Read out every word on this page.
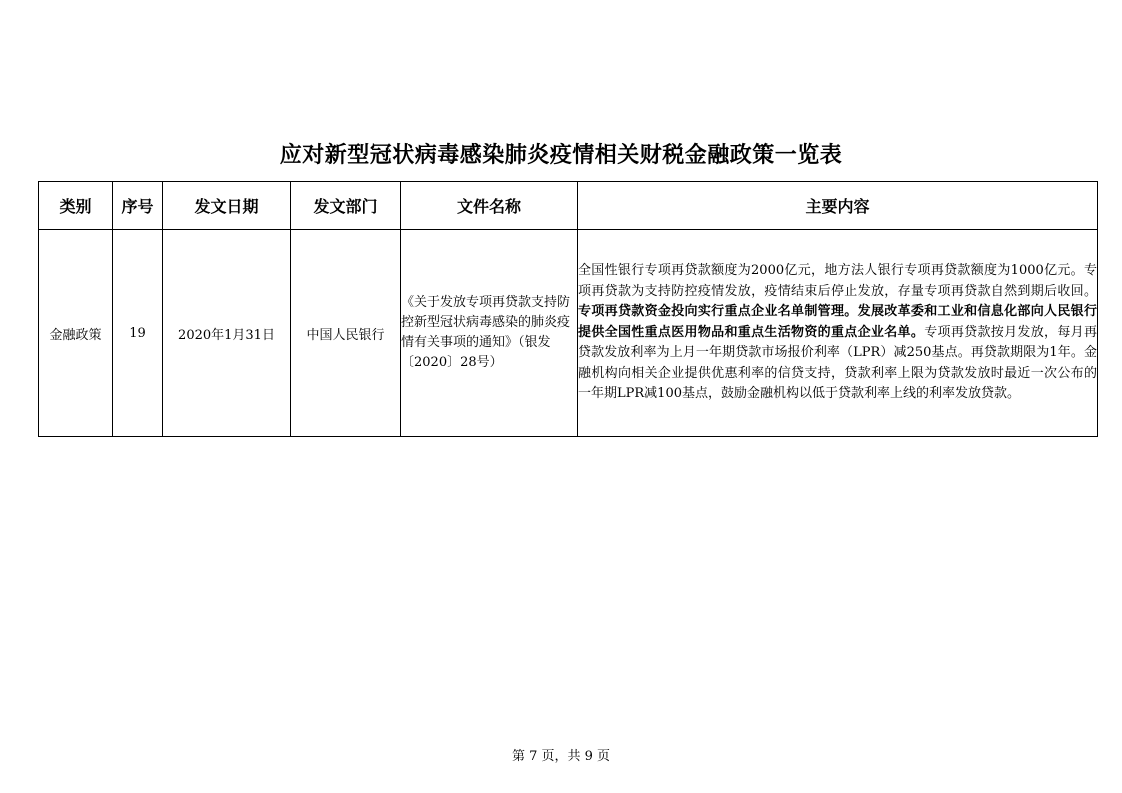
应对新型冠状病毒感染肺炎疫情相关财税金融政策一览表
类别	序号	发文日期	发文部门	文件名称	主要内容
金融政策	19	2020年1月31日	中国人民银行	《关于发放专项再贷款支持防控新型冠状病毒感染的肺炎疫情有关事项的通知》（银发〔2020〕28号）	全国性银行专项再贷款额度为2000亿元，地方法人银行专项再贷款额度为1000亿元。专项再贷款为支持防控疫情发放，疫情结束后停止发放，存量专项再贷款自然到期后收回。专项再贷款资金投向实行重点企业名单制管理。发展改革委和工业和信息化部向人民银行提供全国性重点医用物品和重点生活物资的重点企业名单。专项再贷款按月发放，每月再贷款发放利率为上月一年期贷款市场报价利率（LPR）减250基点。再贷款期限为1年。金融机构向相关企业提供优惠利率的信贷支持，贷款利率上限为贷款发放时最近一次公布的一年期LPR减100基点，鼓励金融机构以低于贷款利率上线的利率发放贷款。
第 7 页，共 9 页
